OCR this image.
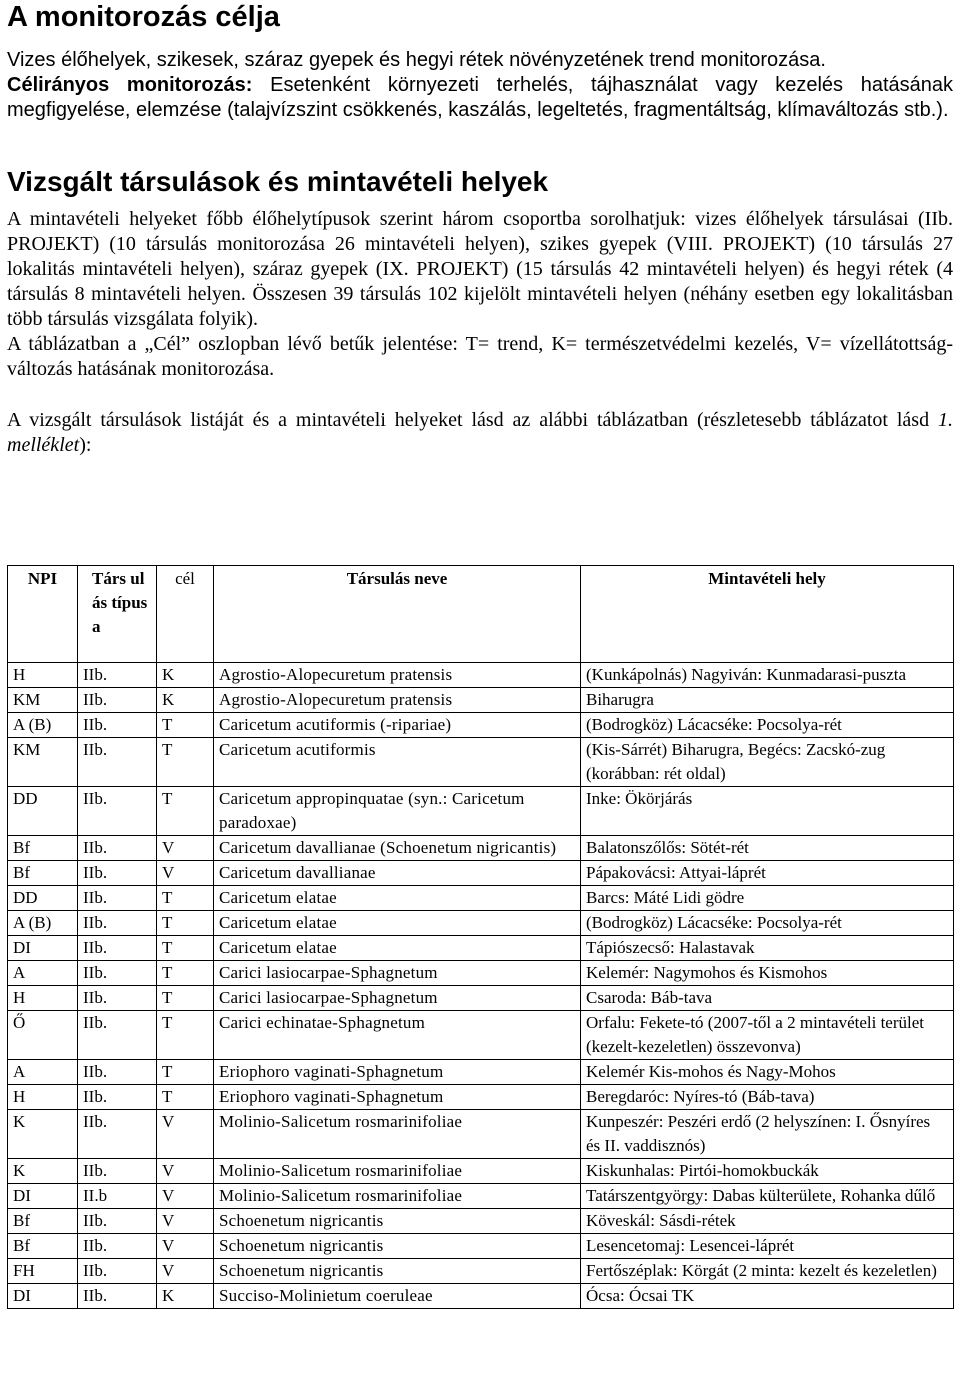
A monitorozás célja

Vizes élőhelyek, szikesek, száraz gyepek és hegyi rétek növényzetének trend monitorozása.
Célirányos monitorozás: Esetenként környezeti terhelés, tájhasználat vagy kezelés hatásának megfigyelése, elemzése (talajvízszint csökkenés, kaszálás, legeltetés, fragmentáltság, klímaváltozás stb.).

Vizsgált társulások és mintavételi helyek

A mintavételi helyeket főbb élőhelytípusok szerint három csoportba sorolhatjuk: vizes élőhelyek társulásai (IIb. PROJEKT) (10 társulás monitorozása 26 mintavételi helyen), szikes gyepek (VIII. PROJEKT) (10 társulás 27 lokalitás mintavételi helyen), száraz gyepek (IX. PROJEKT) (15 társulás 42 mintavételi helyen) és hegyi rétek (4 társulás 8 mintavételi helyen. Összesen 39 társulás 102 kijelölt mintavételi helyen (néhány esetben egy lokalitásban több társulás vizsgálata folyik).

A táblázatban a „Cél” oszlopban lévő betűk jelentése: T= trend, K= természetvédelmi kezelés, V= vízellátottság-változás hatásának monitorozása.

A vizsgált társulások listáját és a mintavételi helyeket lásd az alábbi táblázatban (részletesebb táblázatot lásd 1. melléklet):

NPI	Társ ulás típus a	cél	Társulás neve	Mintavételi hely
H	IIb.	K	Agrostio-Alopecuretum pratensis	(Kunkápolnás) Nagyiván: Kunmadarasi-puszta
KM	IIb.	K	Agrostio-Alopecuretum pratensis	Biharugra
A (B)	IIb.	T	Caricetum acutiformis (-ripariae)	(Bodrogköz) Lácacséke: Pocsolya-rét
KM	IIb.	T	Caricetum acutiformis	(Kis-Sárrét) Biharugra, Begécs: Zacskó-zug (korábban: rét oldal)
DD	IIb.	T	Caricetum appropinquatae (syn.: Caricetum paradoxae)	Inke: Ökörjárás
Bf	IIb.	V	Caricetum davallianae (Schoenetum nigricantis)	Balatonszőlős: Sötét-rét
Bf	IIb.	V	Caricetum davallianae	Pápakovácsi: Attyai-láprét
DD	IIb.	T	Caricetum elatae	Barcs: Máté Lidi gödre
A (B)	IIb.	T	Caricetum elatae	(Bodrogköz) Lácacséke: Pocsolya-rét
DI	IIb.	T	Caricetum elatae	Tápiószecső: Halastavak
A	IIb.	T	Carici lasiocarpae-Sphagnetum	Kelemér: Nagymohos és Kismohos
H	IIb.	T	Carici lasiocarpae-Sphagnetum	Csaroda: Báb-tava
Ő	IIb.	T	Carici echinatae-Sphagnetum	Orfalu: Fekete-tó (2007-től a 2 mintavételi terület (kezelt-kezeletlen) összevonva)
A	IIb.	T	Eriophoro vaginati-Sphagnetum	Kelemér Kis-mohos és Nagy-Mohos
H	IIb.	T	Eriophoro vaginati-Sphagnetum	Beregdaróc: Nyíres-tó (Báb-tava)
K	IIb.	V	Molinio-Salicetum rosmarinifoliae	Kunpeszér: Peszéri erdő (2 helyszínen: I. Ősnyíres és II. vaddisznós)
K	IIb.	V	Molinio-Salicetum rosmarinifoliae	Kiskunhalas: Pirtói-homokbuckák
DI	II.b	V	Molinio-Salicetum rosmarinifoliae	Tatárszentgyörgy: Dabas külterülete, Rohanka dűlő
Bf	IIb.	V	Schoenetum nigricantis	Köveskál: Sásdi-rétek
Bf	IIb.	V	Schoenetum nigricantis	Lesencetomaj: Lesencei-láprét
FH	IIb.	V	Schoenetum nigricantis	Fertőszéplak: Körgát (2 minta: kezelt és kezeletlen)
DI	IIb.	K	Succiso-Molinietum coeruleae	Ócsa: Ócsai TK
